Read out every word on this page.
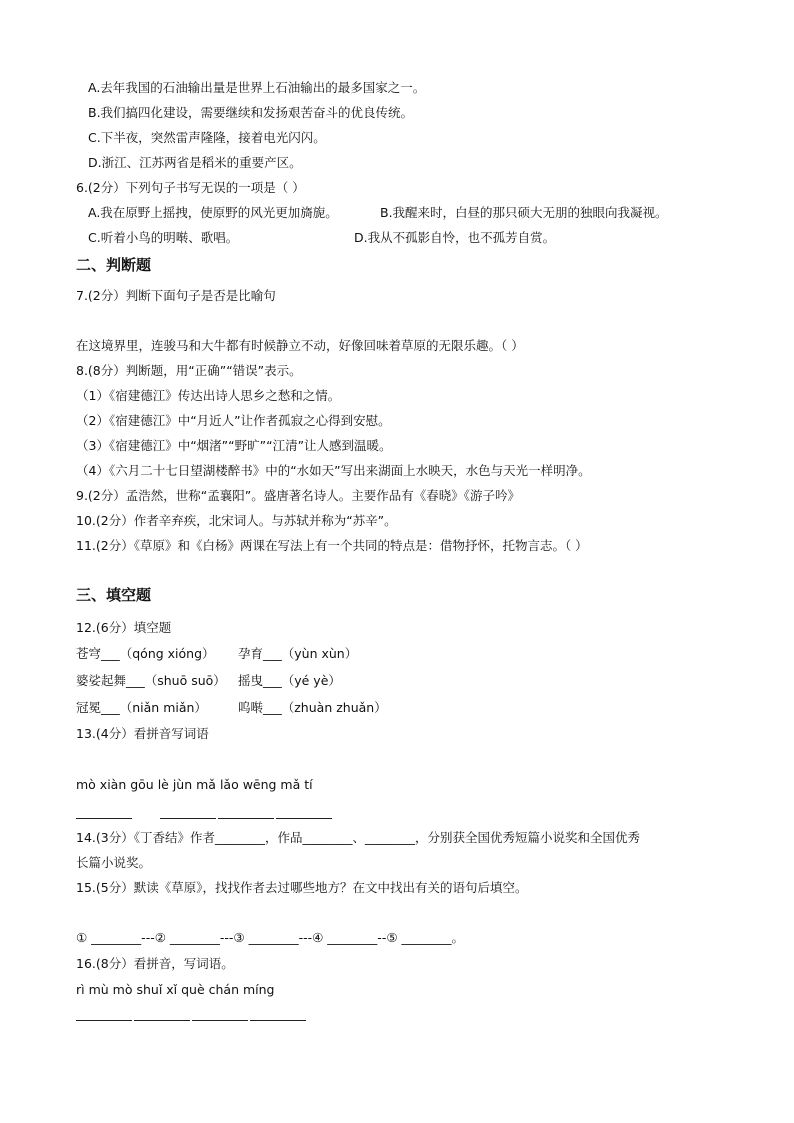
A.去年我国的石油输出量是世界上石油输出的最多国家之一。
B.我们搞四化建设，需要继续和发扬艰苦奋斗的优良传统。
C.下半夜，突然雷声隆隆，接着电光闪闪。
D.浙江、江苏两省是稻米的重要产区。
6.(2分）下列句子书写无误的一项是（ ）
A.我在原野上摇拽，使原野的风光更加旖旎。	B.我醒来时，白昼的那只硕大无朋的独眼向我凝视。
C.听着小鸟的明啭、歌唱。	D.我从不孤影自怜，也不孤芳自赏。
二、判断题
7.(2分）判断下面句子是否是比喻句
在这境界里，连骏马和大牛都有时候静立不动，好像回味着草原的无限乐趣。（ ）
8.(8分）判断题，用“正确”“错误”表示。
（1）《宿建德江》传达出诗人思乡之愁和之情。
（2）《宿建德江》中“月近人”让作者孤寂之心得到安慰。
（3）《宿建德江》中“烟渚”“野旷”“江清”让人感到温暖。
（4）《六月二十七日望湖楼醉书》中的“水如天”写出来湖面上水映天，水色与天光一样明净。
9.(2分）孟浩然，世称“孟襄阳”。盛唐著名诗人。主要作品有《春晓》《游子吟》
10.(2分）作者辛弃疾，北宋词人。与苏轼并称为“苏辛”。
11.(2分）《草原》和《白杨》两课在写法上有一个共同的特点是：借物抒怀，托物言志。（ ）
三、填空题
12.(6分）填空题
苍穹___（qóng xióng） 孕育___（yùn xùn）
婆娑起舞___（shuō suō） 摇曳___（yé yè）
冠冕___（niǎn miǎn） 呜啭___（zhuàn zhuǎn）
13.(4分）看拼音写词语
mò xiàn gōu lè jùn mǎ lǎo wēng mǎ tí
14.(3分）《丁香结》作者________，作品________、________，分别获全国优秀短篇小说奖和全国优秀
长篇小说奖。
15.(5分）默读《草原》，找找作者去过哪些地方？在文中找出有关的语句后填空。
① ________---② ________---③ ________---④ ________--⑤ ________。
16.(8分）看拼音，写词语。
rì mù mò shuǐ xǐ què chán míng
